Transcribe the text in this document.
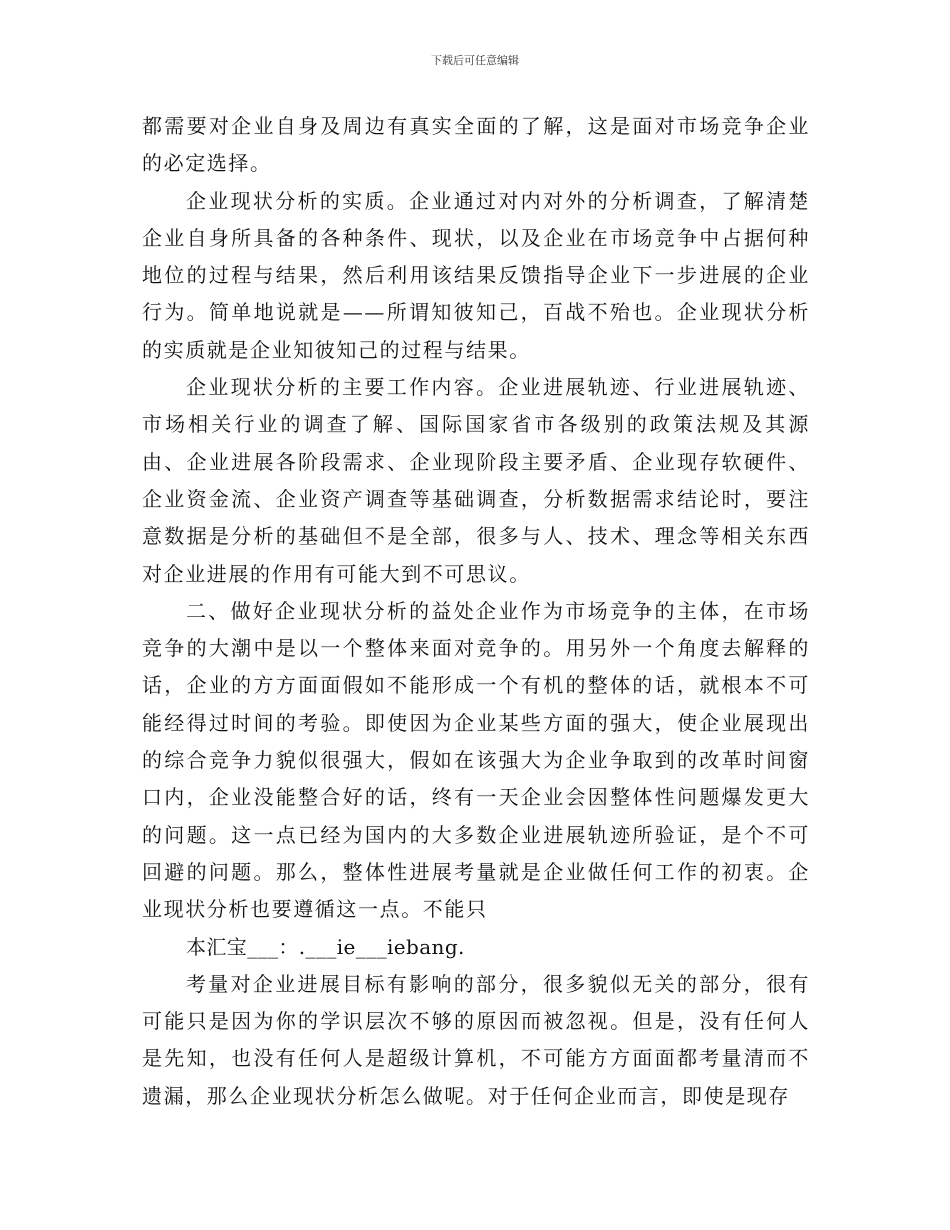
下载后可任意编辑

都需要对企业自身及周边有真实全面的了解，这是面对市场竞争企业的必定选择。

企业现状分析的实质。企业通过对内对外的分析调查，了解清楚企业自身所具备的各种条件、现状，以及企业在市场竞争中占据何种地位的过程与结果，然后利用该结果反馈指导企业下一步进展的企业行为。简单地说就是——所谓知彼知己，百战不殆也。企业现状分析的实质就是企业知彼知己的过程与结果。

企业现状分析的主要工作内容。企业进展轨迹、行业进展轨迹、市场相关行业的调查了解、国际国家省市各级别的政策法规及其源由、企业进展各阶段需求、企业现阶段主要矛盾、企业现存软硬件、企业资金流、企业资产调查等基础调查，分析数据需求结论时，要注意数据是分析的基础但不是全部，很多与人、技术、理念等相关东西对企业进展的作用有可能大到不可思议。

二、做好企业现状分析的益处企业作为市场竞争的主体，在市场竞争的大潮中是以一个整体来面对竞争的。用另外一个角度去解释的话，企业的方方面面假如不能形成一个有机的整体的话，就根本不可能经得过时间的考验。即使因为企业某些方面的强大，使企业展现出的综合竞争力貌似很强大，假如在该强大为企业争取到的改革时间窗口内，企业没能整合好的话，终有一天企业会因整体性问题爆发更大的问题。这一点已经为国内的大多数企业进展轨迹所验证，是个不可回避的问题。那么，整体性进展考量就是企业做任何工作的初衷。企业现状分析也要遵循这一点。不能只

本汇宝___：.___ie___iebang.

考量对企业进展目标有影响的部分，很多貌似无关的部分，很有可能只是因为你的学识层次不够的原因而被忽视。但是，没有任何人是先知，也没有任何人是超级计算机，不可能方方面面都考量清而不遗漏，那么企业现状分析怎么做呢。对于任何企业而言，即使是现存
